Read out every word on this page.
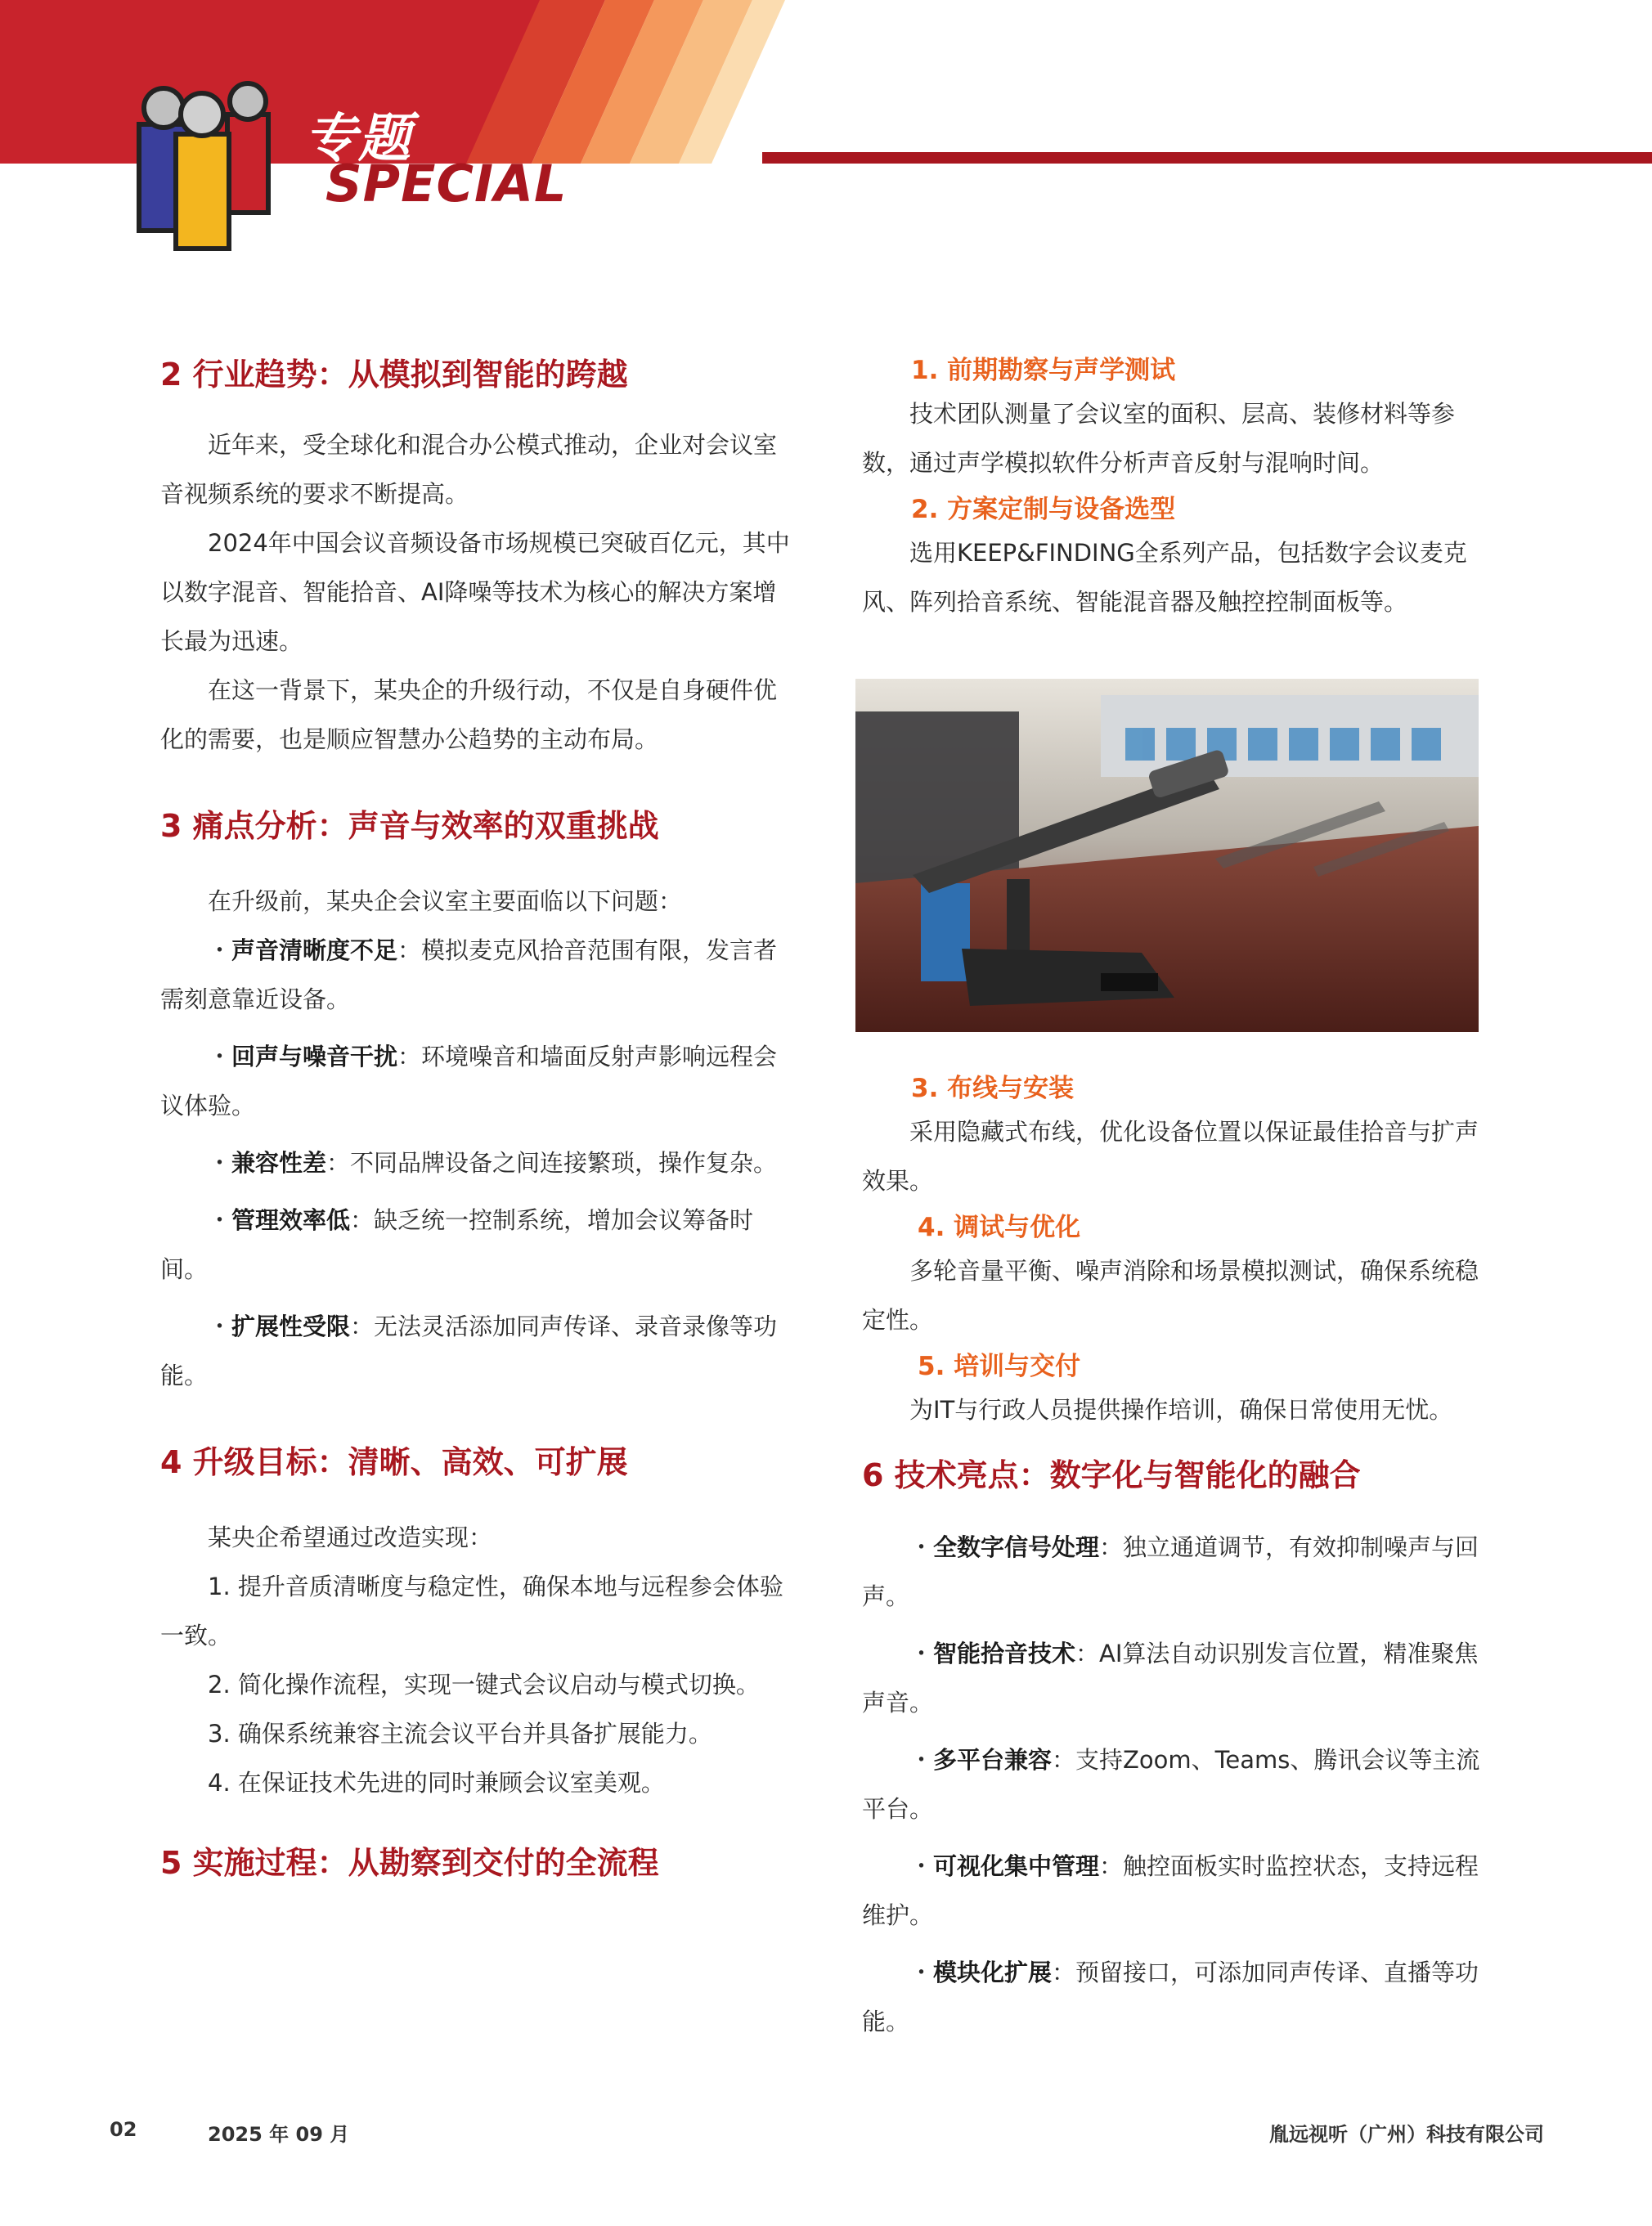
专题
SPECIAL
2 行业趋势：从模拟到智能的跨越

近年来，受全球化和混合办公模式推动，企业对会议室音视频系统的要求不断提高。

2024年中国会议音频设备市场规模已突破百亿元，其中以数字混音、智能拾音、AI降噪等技术为核心的解决方案增长最为迅速。

在这一背景下，某央企的升级行动，不仅是自身硬件优化的需要，也是顺应智慧办公趋势的主动布局。

3 痛点分析：声音与效率的双重挑战

在升级前，某央企会议室主要面临以下问题：

・声音清晰度不足：模拟麦克风拾音范围有限，发言者需刻意靠近设备。

・回声与噪音干扰：环境噪音和墙面反射声影响远程会议体验。

・兼容性差：不同品牌设备之间连接繁琐，操作复杂。

・管理效率低：缺乏统一控制系统，增加会议筹备时间。

・扩展性受限：无法灵活添加同声传译、录音录像等功能。

4 升级目标：清晰、高效、可扩展

某央企希望通过改造实现：

1. 提升音质清晰度与稳定性，确保本地与远程参会体验一致。

2. 简化操作流程，实现一键式会议启动与模式切换。

3. 确保系统兼容主流会议平台并具备扩展能力。

4. 在保证技术先进的同时兼顾会议室美观。

5 实施过程：从勘察到交付的全流程
1. 前期勘察与声学测试

技术团队测量了会议室的面积、层高、装修材料等参数，通过声学模拟软件分析声音反射与混响时间。

2. 方案定制与设备选型

选用KEEP&FINDING全系列产品，包括数字会议麦克风、阵列拾音系统、智能混音器及触控控制面板等。

3. 布线与安装

采用隐藏式布线，优化设备位置以保证最佳拾音与扩声效果。

4. 调试与优化

多轮音量平衡、噪声消除和场景模拟测试，确保系统稳定性。

5. 培训与交付

为IT与行政人员提供操作培训，确保日常使用无忧。

6 技术亮点：数字化与智能化的融合

・全数字信号处理：独立通道调节，有效抑制噪声与回声。

・智能拾音技术：AI算法自动识别发言位置，精准聚焦声音。

・多平台兼容：支持Zoom、Teams、腾讯会议等主流平台。

・可视化集中管理：触控面板实时监控状态，支持远程维护。

・模块化扩展：预留接口，可添加同声传译、直播等功能。

02	2025 年 09 月	胤远视听（广州）科技有限公司
